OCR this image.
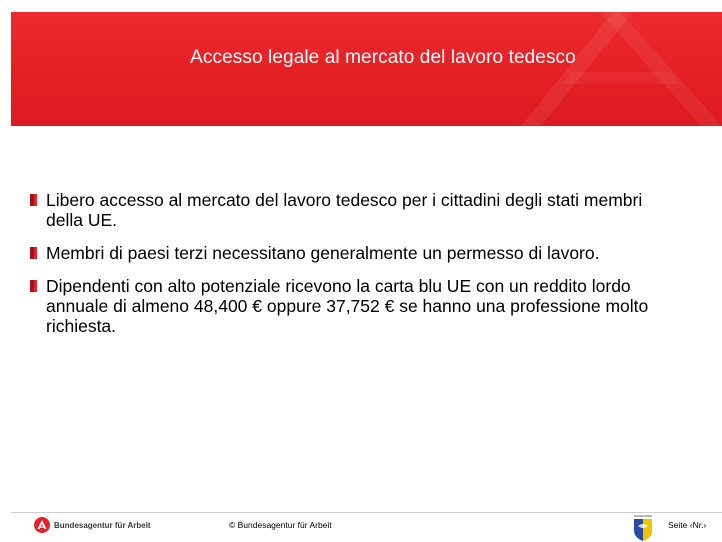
Accesso legale al mercato del lavoro tedesco
Libero accesso al mercato del lavoro tedesco per i cittadini degli stati membri della UE.
Membri di paesi terzi necessitano generalmente un permesso di lavoro.
Dipendenti con alto potenziale ricevono la carta blu UE con un reddito lordo annuale di almeno 48,400 € oppure 37,752 € se hanno una professione molto richiesta.
Bundesagentur für Arbeit	© Bundesagentur für Arbeit	Seite ‹Nr.›
